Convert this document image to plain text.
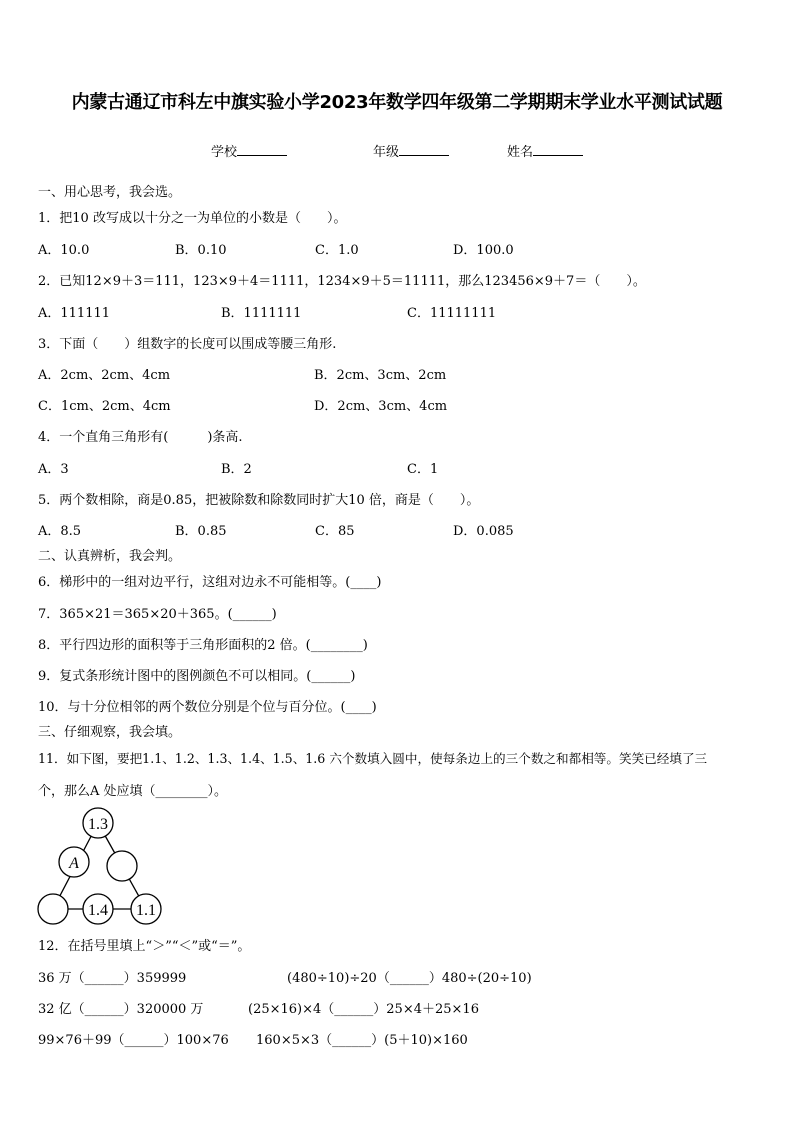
内蒙古通辽市科左中旗实验小学2023年数学四年级第二学期期末学业水平测试试题
学校	年级	姓名
一、用心思考，我会选。
1．把10 改写成以十分之一为单位的小数是（　　）。
A．10.0	B．0.10	C．1.0	D．100.0
2．已知12×9＋3＝111，123×9＋4＝1111，1234×9＋5＝11111，那么123456×9＋7＝（　　）。
A．111111	B．1111111	C．11111111
3．下面（　　）组数字的长度可以围成等腰三角形.
A．2cm、2cm、4cm	B．2cm、3cm、2cm
C．1cm、2cm、4cm	D．2cm、3cm、4cm
4．一个直角三角形有(　　　)条高.
A．3	B．2	C．1
5．两个数相除，商是0.85，把被除数和除数同时扩大10 倍，商是（　　）。
A．8.5	B．0.85	C．85	D．0.085
二、认真辨析，我会判。
6．梯形中的一组对边平行，这组对边永不可能相等。(____)
7．365×21＝365×20＋365。(______)
8．平行四边形的面积等于三角形面积的2 倍。(________)
9．复式条形统计图中的图例颜色不可以相同。(______)
10．与十分位相邻的两个数位分别是个位与百分位。(____)
三、仔细观察，我会填。
11．如下图，要把1.1、1.2、1.3、1.4、1.5、1.6 六个数填入圆中，使每条边上的三个数之和都相等。笑笑已经填了三
个，那么A 处应填（________）。
1.3
A
1.4 1.1
12．在括号里填上“＞”“＜”或“＝”。
36 万（______）359999	(480÷10)÷20（______）480÷(20÷10)
32 亿（______）320000 万	(25×16)×4（______）25×4＋25×16
99×76＋99（______）100×76 160×5×3（______）(5＋10)×160
